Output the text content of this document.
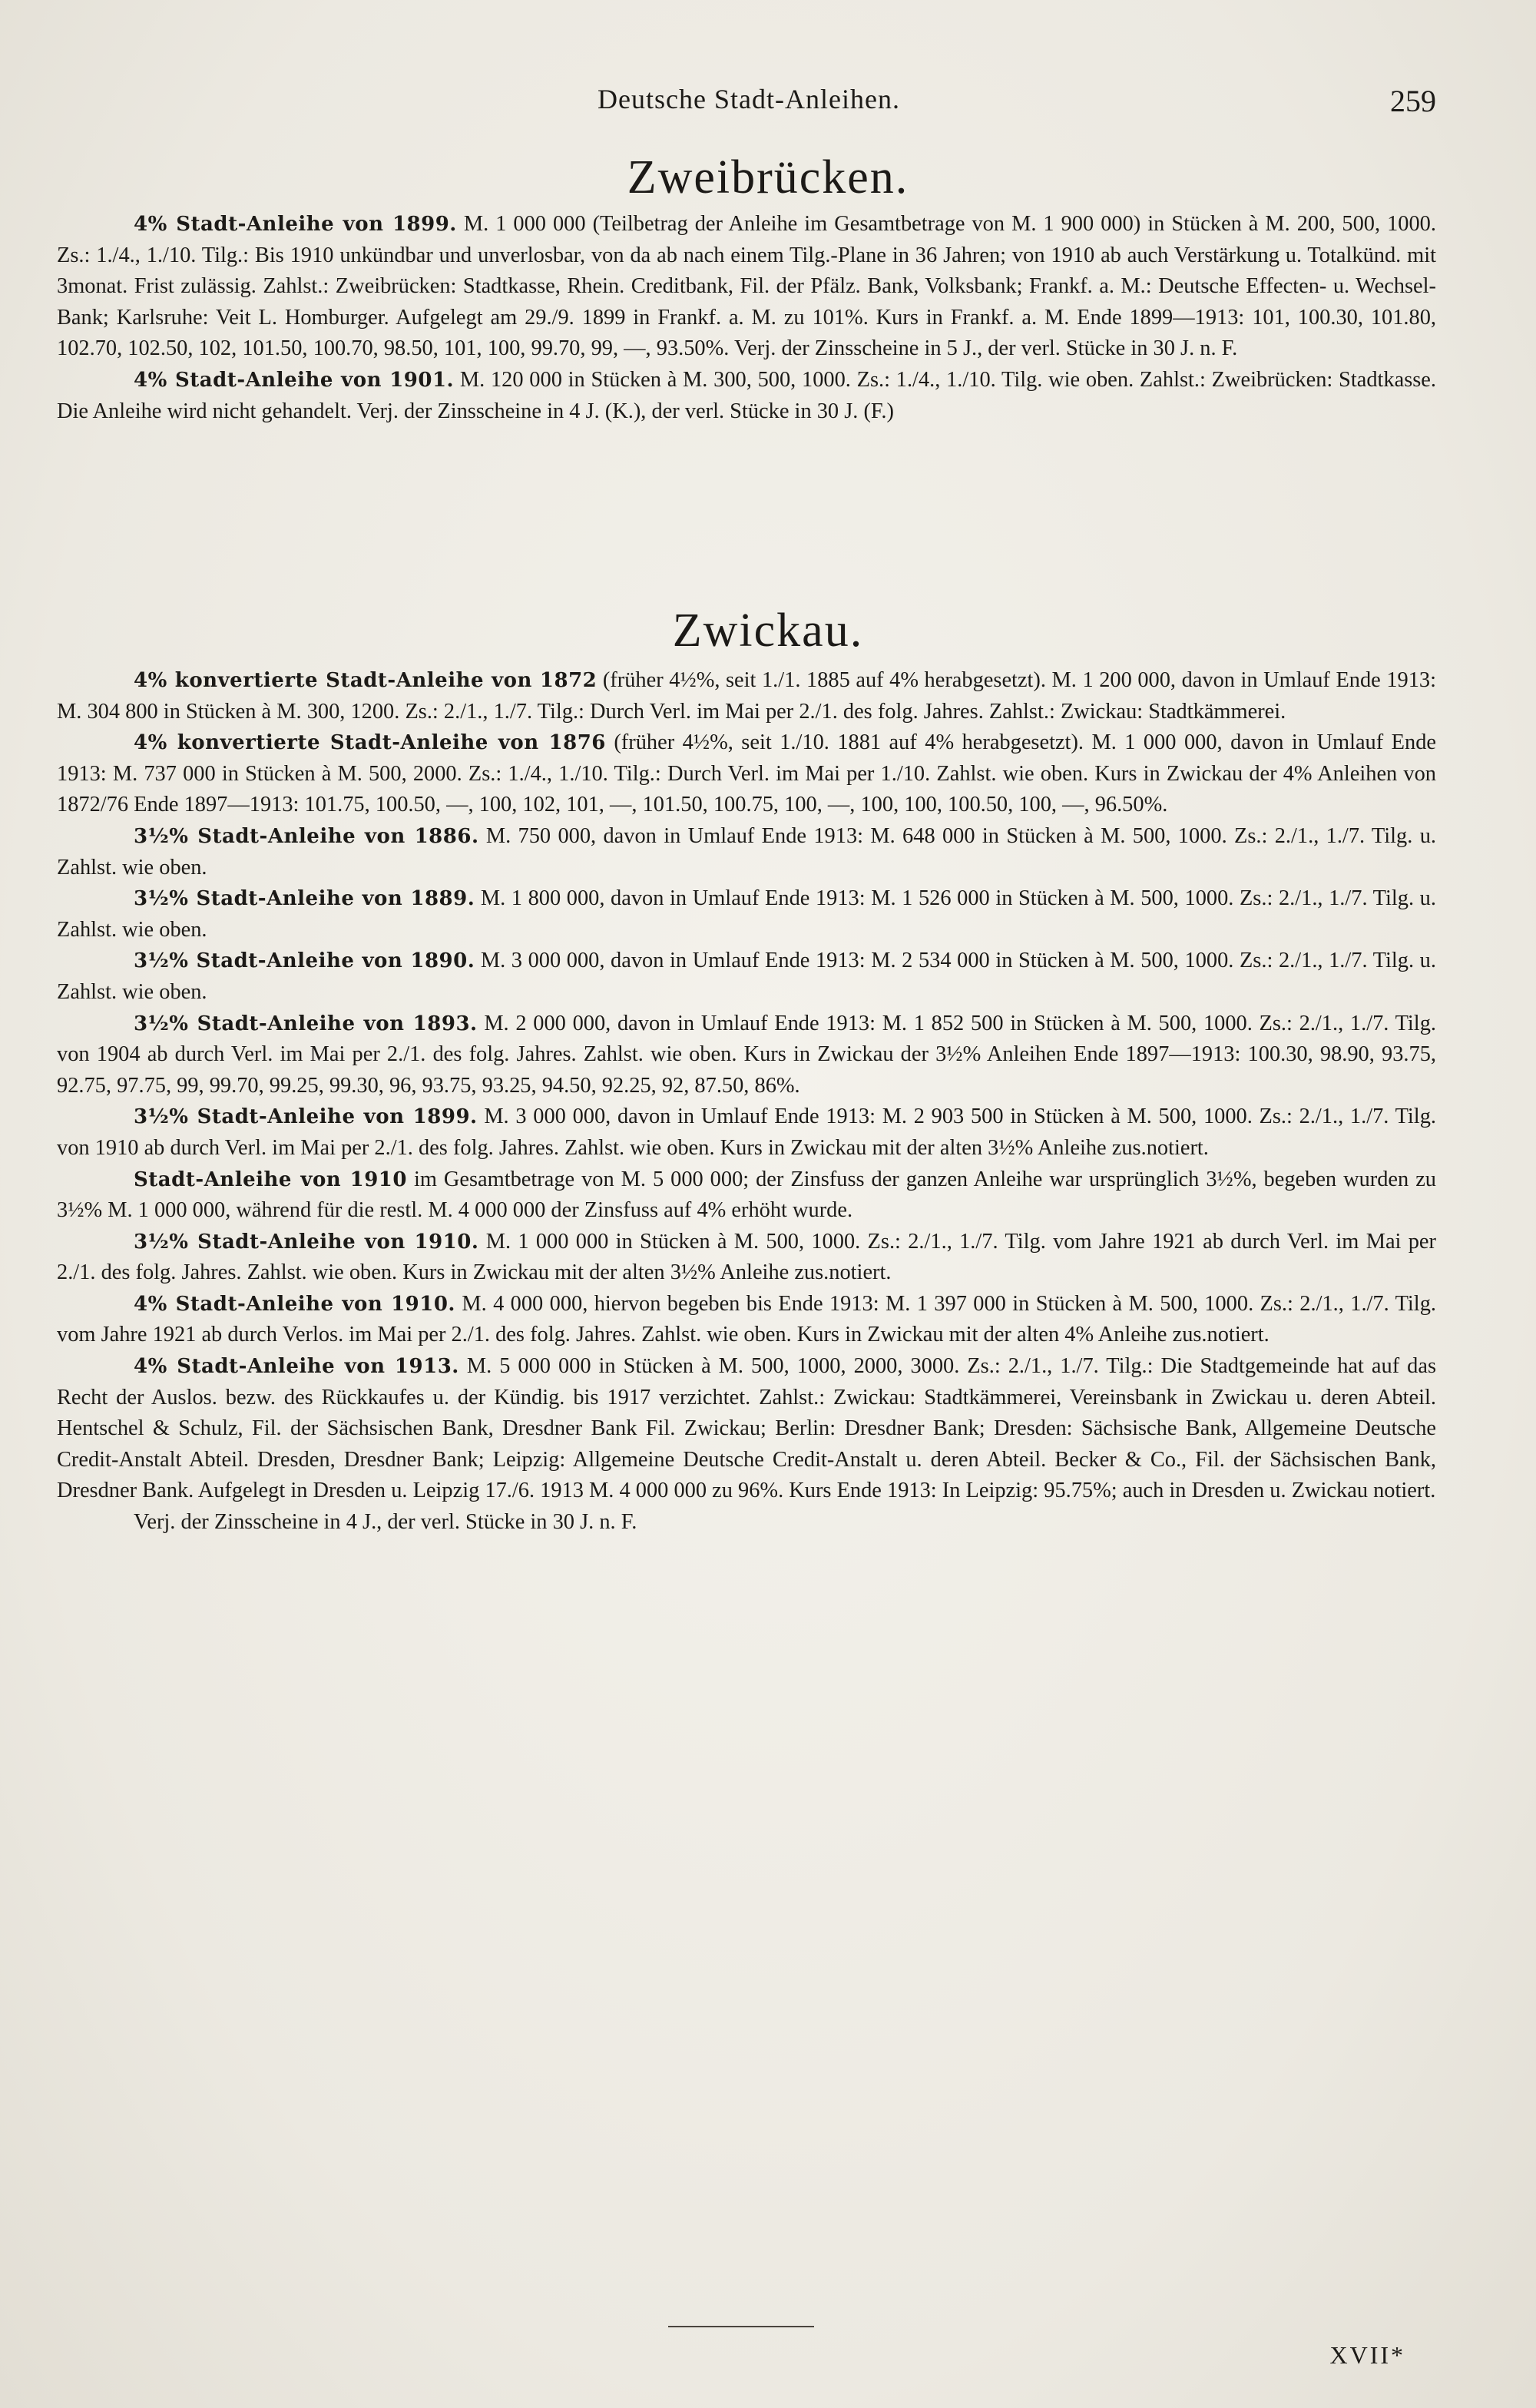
Deutsche Stadt-Anleihen.	259
Zweibrücken.

4% Stadt-Anleihe von 1899. M. 1 000 000 (Teilbetrag der Anleihe im Gesamtbetrage von M. 1 900 000) in Stücken à M. 200, 500, 1000. Zs.: 1./4., 1./10. Tilg.: Bis 1910 unkündbar und unverlosbar, von da ab nach einem Tilg.-Plane in 36 Jahren; von 1910 ab auch Verstärkung u. Totalkünd. mit 3monat. Frist zulässig. Zahlst.: Zweibrücken: Stadtkasse, Rhein. Creditbank, Fil. der Pfälz. Bank, Volksbank; Frankf. a. M.: Deutsche Effecten- u. Wechsel-Bank; Karlsruhe: Veit L. Homburger. Aufgelegt am 29./9. 1899 in Frankf. a. M. zu 101%. Kurs in Frankf. a. M. Ende 1899—1913: 101, 100.30, 101.80, 102.70, 102.50, 102, 101.50, 100.70, 98.50, 101, 100, 99.70, 99, —, 93.50%. Verj. der Zinsscheine in 5 J., der verl. Stücke in 30 J. n. F.

4% Stadt-Anleihe von 1901. M. 120 000 in Stücken à M. 300, 500, 1000. Zs.: 1./4., 1./10. Tilg. wie oben. Zahlst.: Zweibrücken: Stadtkasse. Die Anleihe wird nicht gehandelt. Verj. der Zinsscheine in 4 J. (K.), der verl. Stücke in 30 J. (F.)

Zwickau.

4% konvertierte Stadt-Anleihe von 1872 (früher 4½%, seit 1./1. 1885 auf 4% herabgesetzt). M. 1 200 000, davon in Umlauf Ende 1913: M. 304 800 in Stücken à M. 300, 1200. Zs.: 2./1., 1./7. Tilg.: Durch Verl. im Mai per 2./1. des folg. Jahres. Zahlst.: Zwickau: Stadtkämmerei.

4% konvertierte Stadt-Anleihe von 1876 (früher 4½%, seit 1./10. 1881 auf 4% herabgesetzt). M. 1 000 000, davon in Umlauf Ende 1913: M. 737 000 in Stücken à M. 500, 2000. Zs.: 1./4., 1./10. Tilg.: Durch Verl. im Mai per 1./10. Zahlst. wie oben. Kurs in Zwickau der 4% Anleihen von 1872/76 Ende 1897—1913: 101.75, 100.50, —, 100, 102, 101, —, 101.50, 100.75, 100, —, 100, 100, 100.50, 100, —, 96.50%.

3½% Stadt-Anleihe von 1886. M. 750 000, davon in Umlauf Ende 1913: M. 648 000 in Stücken à M. 500, 1000. Zs.: 2./1., 1./7. Tilg. u. Zahlst. wie oben.

3½% Stadt-Anleihe von 1889. M. 1 800 000, davon in Umlauf Ende 1913: M. 1 526 000 in Stücken à M. 500, 1000. Zs.: 2./1., 1./7. Tilg. u. Zahlst. wie oben.

3½% Stadt-Anleihe von 1890. M. 3 000 000, davon in Umlauf Ende 1913: M. 2 534 000 in Stücken à M. 500, 1000. Zs.: 2./1., 1./7. Tilg. u. Zahlst. wie oben.

3½% Stadt-Anleihe von 1893. M. 2 000 000, davon in Umlauf Ende 1913: M. 1 852 500 in Stücken à M. 500, 1000. Zs.: 2./1., 1./7. Tilg. von 1904 ab durch Verl. im Mai per 2./1. des folg. Jahres. Zahlst. wie oben. Kurs in Zwickau der 3½% Anleihen Ende 1897—1913: 100.30, 98.90, 93.75, 92.75, 97.75, 99, 99.70, 99.25, 99.30, 96, 93.75, 93.25, 94.50, 92.25, 92, 87.50, 86%.

3½% Stadt-Anleihe von 1899. M. 3 000 000, davon in Umlauf Ende 1913: M. 2 903 500 in Stücken à M. 500, 1000. Zs.: 2./1., 1./7. Tilg. von 1910 ab durch Verl. im Mai per 2./1. des folg. Jahres. Zahlst. wie oben. Kurs in Zwickau mit der alten 3½% Anleihe zus.notiert.

Stadt-Anleihe von 1910 im Gesamtbetrage von M. 5 000 000; der Zinsfuss der ganzen Anleihe war ursprünglich 3½%, begeben wurden zu 3½% M. 1 000 000, während für die restl. M. 4 000 000 der Zinsfuss auf 4% erhöht wurde.

3½% Stadt-Anleihe von 1910. M. 1 000 000 in Stücken à M. 500, 1000. Zs.: 2./1., 1./7. Tilg. vom Jahre 1921 ab durch Verl. im Mai per 2./1. des folg. Jahres. Zahlst. wie oben. Kurs in Zwickau mit der alten 3½% Anleihe zus.notiert.

4% Stadt-Anleihe von 1910. M. 4 000 000, hiervon begeben bis Ende 1913: M. 1 397 000 in Stücken à M. 500, 1000. Zs.: 2./1., 1./7. Tilg. vom Jahre 1921 ab durch Verlos. im Mai per 2./1. des folg. Jahres. Zahlst. wie oben. Kurs in Zwickau mit der alten 4% Anleihe zus.notiert.

4% Stadt-Anleihe von 1913. M. 5 000 000 in Stücken à M. 500, 1000, 2000, 3000. Zs.: 2./1., 1./7. Tilg.: Die Stadtgemeinde hat auf das Recht der Auslos. bezw. des Rückkaufes u. der Kündig. bis 1917 verzichtet. Zahlst.: Zwickau: Stadtkämmerei, Vereinsbank in Zwickau u. deren Abteil. Hentschel & Schulz, Fil. der Sächsischen Bank, Dresdner Bank Fil. Zwickau; Berlin: Dresdner Bank; Dresden: Sächsische Bank, Allgemeine Deutsche Credit-Anstalt Abteil. Dresden, Dresdner Bank; Leipzig: Allgemeine Deutsche Credit-Anstalt u. deren Abteil. Becker & Co., Fil. der Sächsischen Bank, Dresdner Bank. Aufgelegt in Dresden u. Leipzig 17./6. 1913 M. 4 000 000 zu 96%. Kurs Ende 1913: In Leipzig: 95.75%; auch in Dresden u. Zwickau notiert.

Verj. der Zinsscheine in 4 J., der verl. Stücke in 30 J. n. F.

XVII*
